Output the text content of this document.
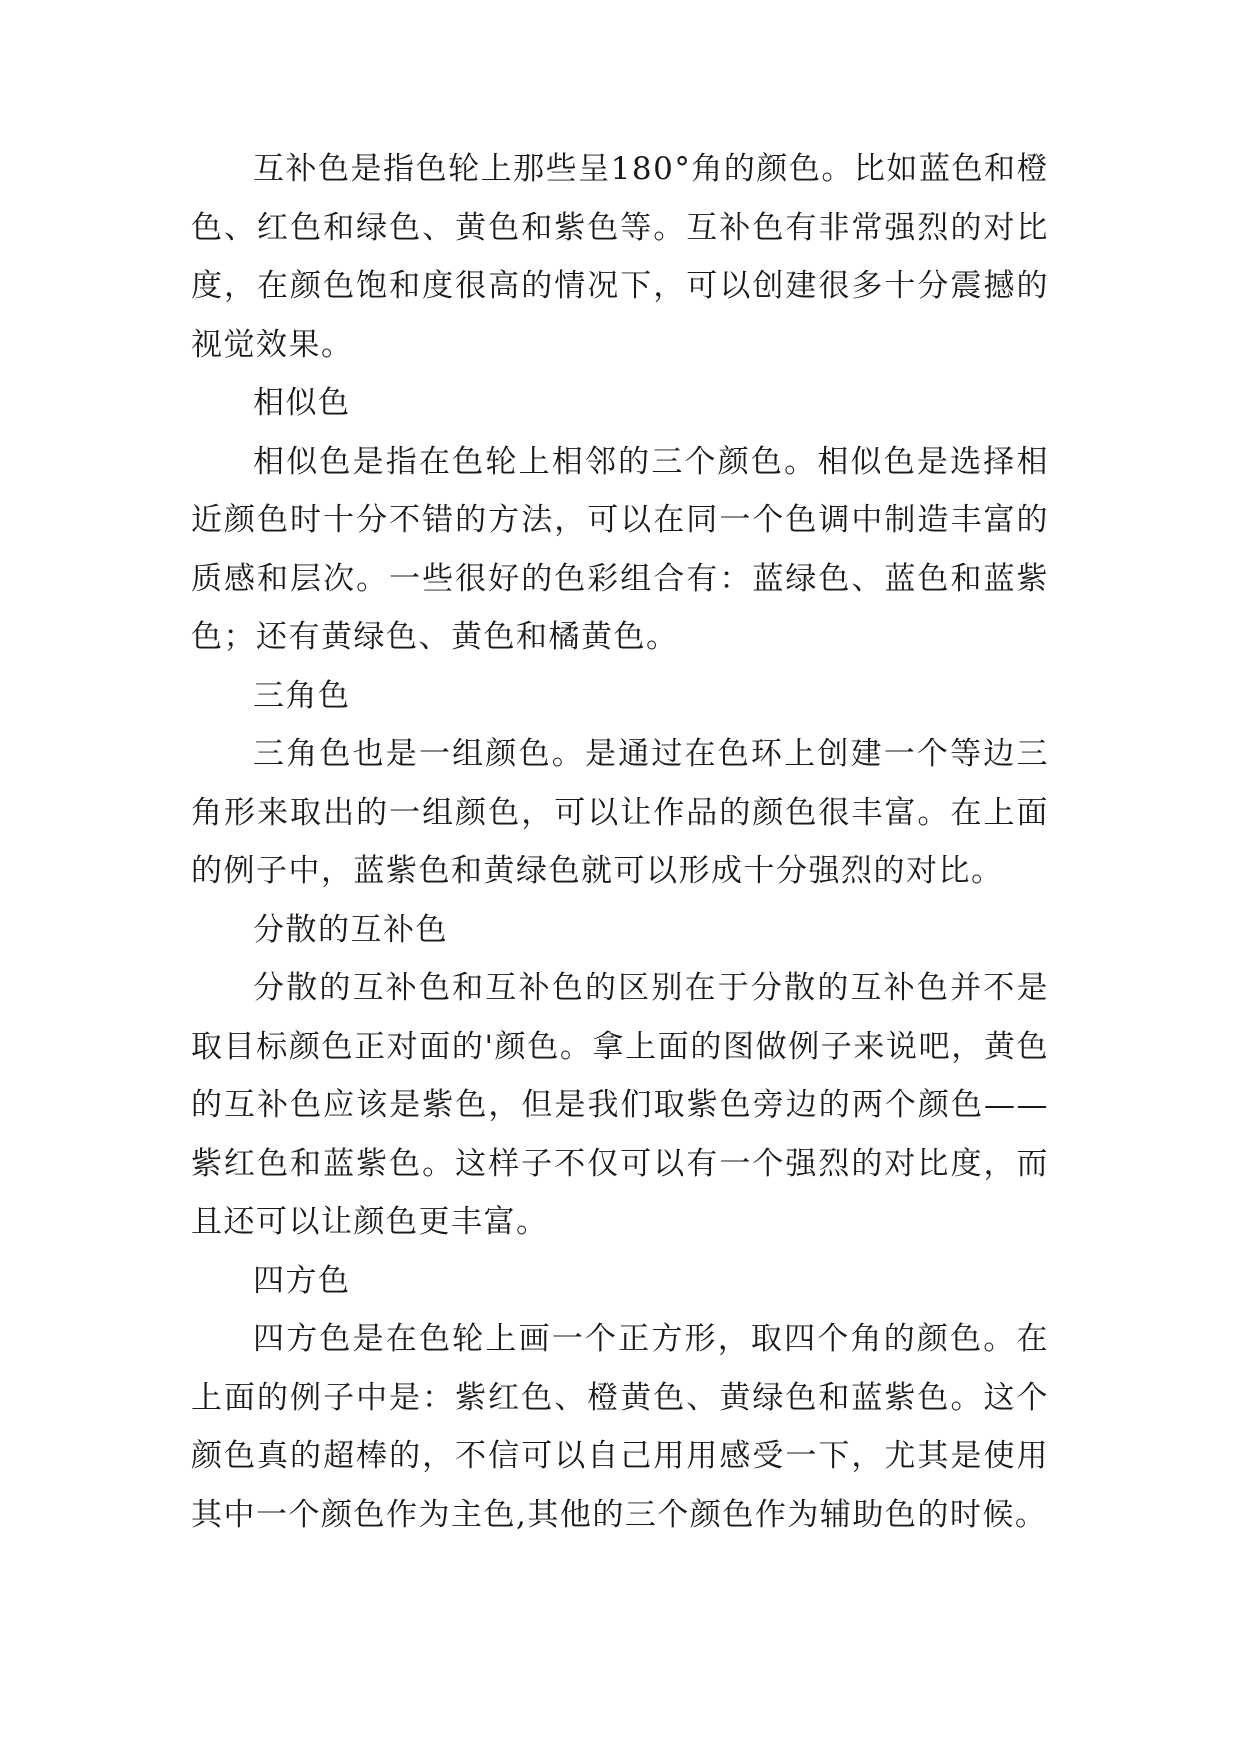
互补色是指色轮上那些呈180°角的颜色。比如蓝色和橙色、红色和绿色、黄色和紫色等。互补色有非常强烈的对比度，在颜色饱和度很高的情况下，可以创建很多十分震撼的视觉效果。

相似色

相似色是指在色轮上相邻的三个颜色。相似色是选择相近颜色时十分不错的方法，可以在同一个色调中制造丰富的质感和层次。一些很好的色彩组合有：蓝绿色、蓝色和蓝紫色；还有黄绿色、黄色和橘黄色。

三角色

三角色也是一组颜色。是通过在色环上创建一个等边三角形来取出的一组颜色，可以让作品的颜色很丰富。在上面的例子中，蓝紫色和黄绿色就可以形成十分强烈的对比。

分散的互补色

分散的互补色和互补色的区别在于分散的互补色并不是取目标颜色正对面的'颜色。拿上面的图做例子来说吧，黄色的互补色应该是紫色，但是我们取紫色旁边的两个颜色——紫红色和蓝紫色。这样子不仅可以有一个强烈的对比度，而且还可以让颜色更丰富。

四方色

四方色是在色轮上画一个正方形，取四个角的颜色。在上面的例子中是：紫红色、橙黄色、黄绿色和蓝紫色。这个颜色真的超棒的，不信可以自己用用感受一下，尤其是使用其中一个颜色作为主色,其他的三个颜色作为辅助色的时候。
